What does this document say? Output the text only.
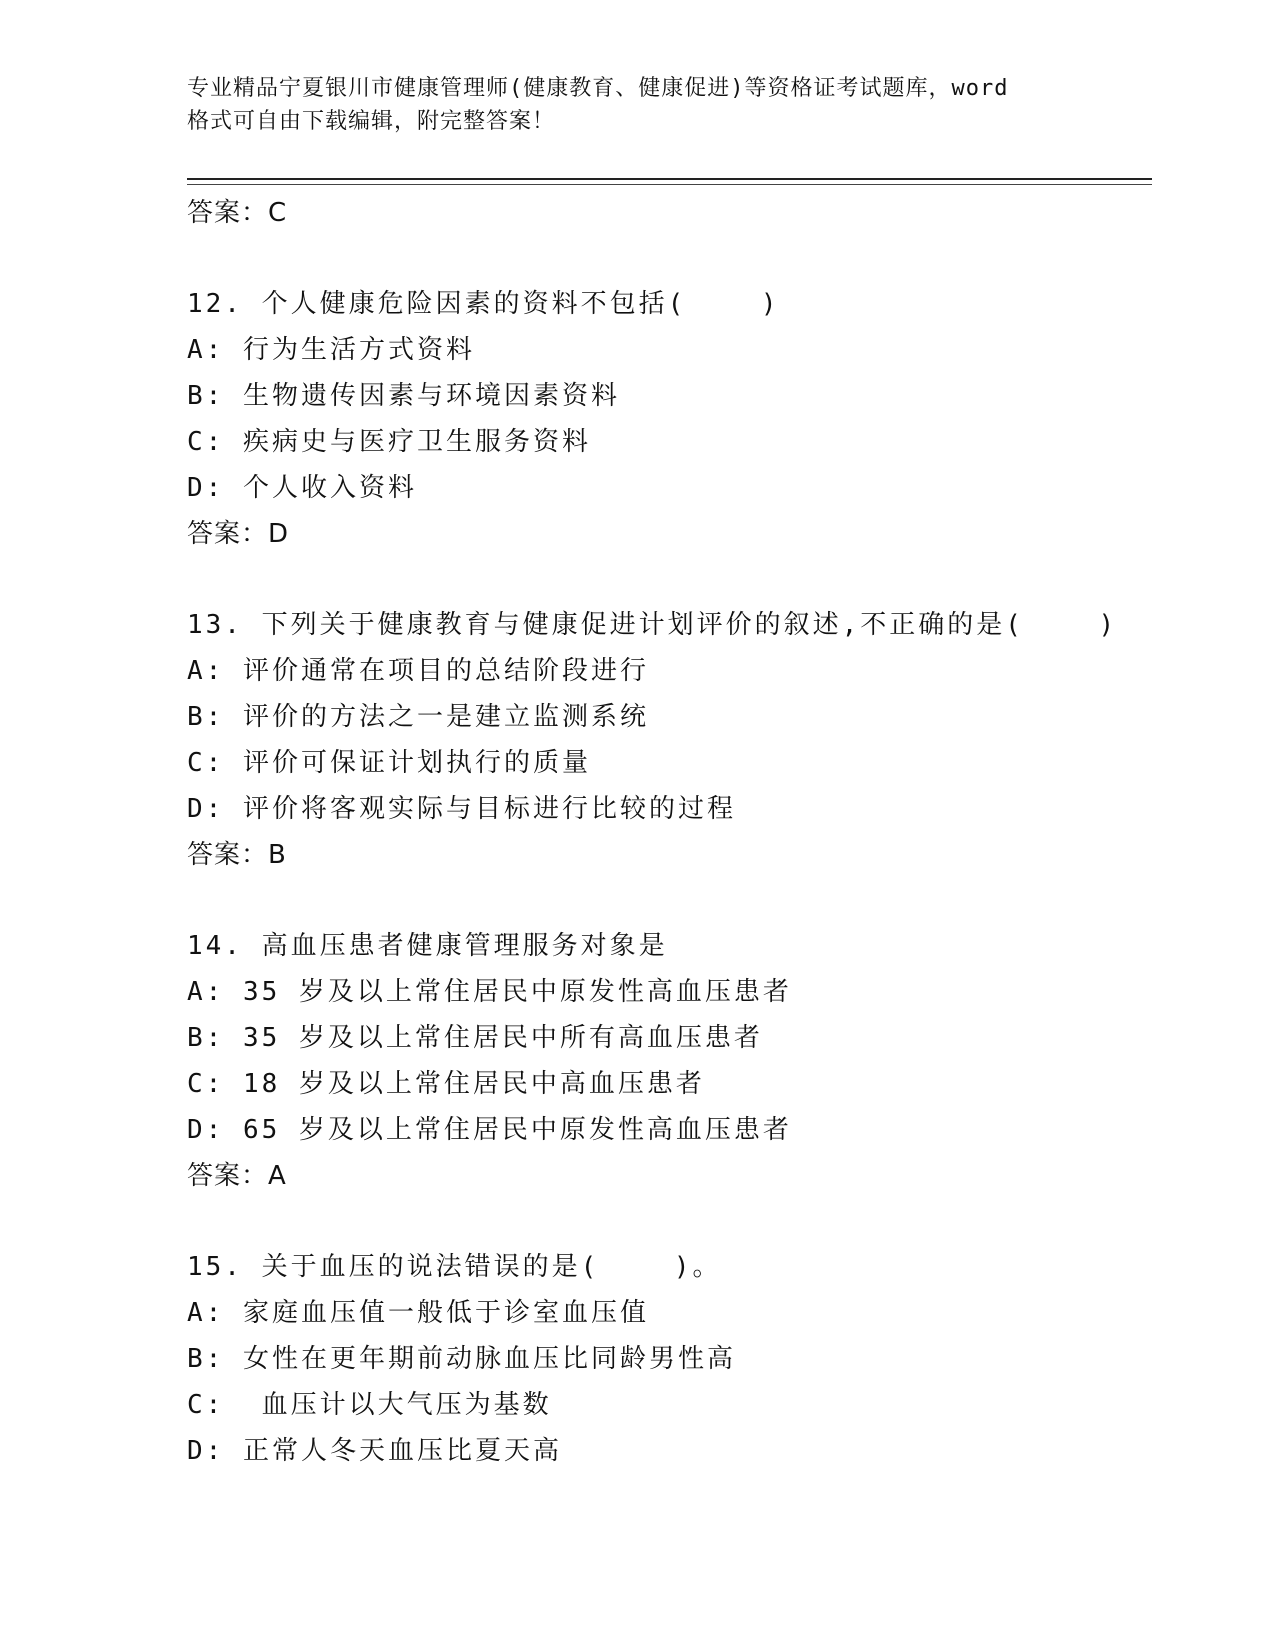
专业精品宁夏银川市健康管理师(健康教育、健康促进)等资格证考试题库，word
格式可自由下载编辑，附完整答案！
答案：C
12. 个人健康危险因素的资料不包括(    )
A: 行为生活方式资料
B: 生物遗传因素与环境因素资料
C: 疾病史与医疗卫生服务资料
D: 个人收入资料
答案：D
13. 下列关于健康教育与健康促进计划评价的叙述,不正确的是(    )
A: 评价通常在项目的总结阶段进行
B: 评价的方法之一是建立监测系统
C: 评价可保证计划执行的质量
D: 评价将客观实际与目标进行比较的过程
答案：B
14. 高血压患者健康管理服务对象是
A: 35 岁及以上常住居民中原发性高血压患者
B: 35 岁及以上常住居民中所有高血压患者
C: 18 岁及以上常住居民中高血压患者
D: 65 岁及以上常住居民中原发性高血压患者
答案：A
15. 关于血压的说法错误的是(    )。
A: 家庭血压值一般低于诊室血压值
B: 女性在更年期前动脉血压比同龄男性高
C:  血压计以大气压为基数
D: 正常人冬天血压比夏天高
